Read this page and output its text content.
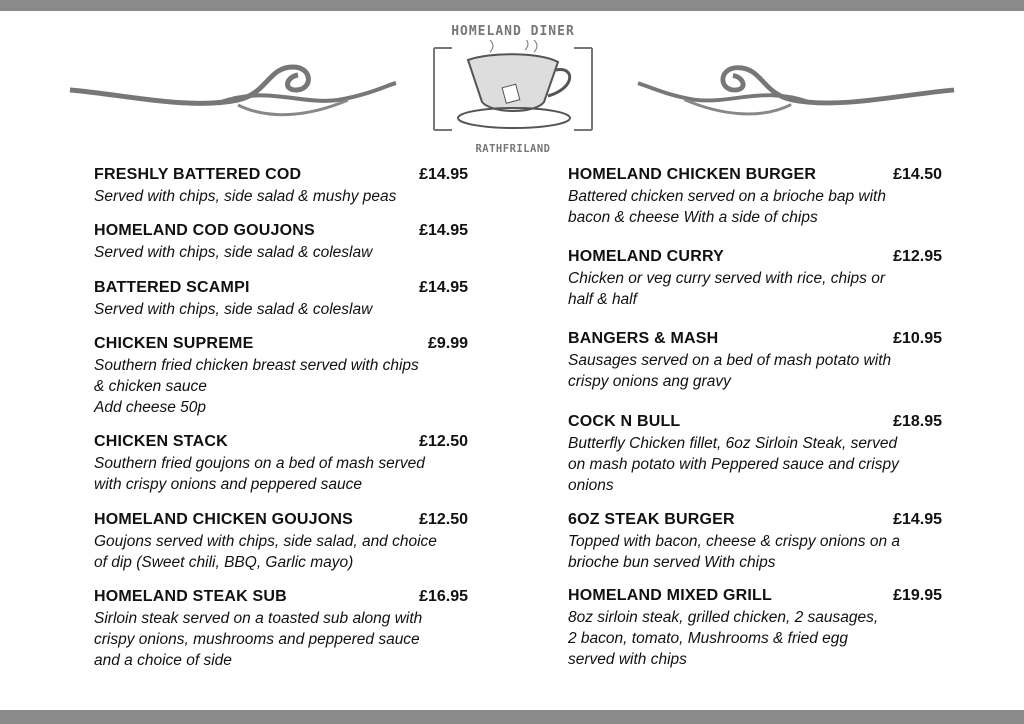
HOMELAND DINER
RATHFRILAND
FRESHLY BATTERED COD	£14.95
Served with chips, side salad & mushy peas
HOMELAND COD GOUJONS	£14.95
Served with chips, side salad & coleslaw
BATTERED SCAMPI	£14.95
Served with chips, side salad & coleslaw
CHICKEN SUPREME	£9.99
Southern fried chicken breast served with chips
& chicken sauce
Add cheese 50p
CHICKEN STACK	£12.50
Southern fried goujons on a bed of mash served
with crispy onions and peppered sauce
HOMELAND CHICKEN GOUJONS	£12.50
Goujons served with chips, side salad, and choice
of dip (Sweet chili, BBQ, Garlic mayo)
HOMELAND STEAK SUB	£16.95
Sirloin steak served on a toasted sub along with
crispy onions, mushrooms and peppered sauce
and a choice of side
HOMELAND CHICKEN BURGER	£14.50
Battered chicken served on a brioche bap with
bacon & cheese With a side of chips
HOMELAND CURRY	£12.95
Chicken or veg curry served with rice, chips or
half & half
BANGERS & MASH	£10.95
Sausages served on a bed of mash potato with
crispy onions ang gravy
COCK N BULL	£18.95
Butterfly Chicken fillet, 6oz Sirloin Steak, served
on mash potato with Peppered sauce and crispy
onions
6OZ STEAK BURGER	£14.95
Topped with bacon, cheese & crispy onions on a
brioche bun served With chips
HOMELAND MIXED GRILL	£19.95
8oz sirloin steak, grilled chicken, 2 sausages,
2 bacon, tomato, Mushrooms & fried egg
served with chips
